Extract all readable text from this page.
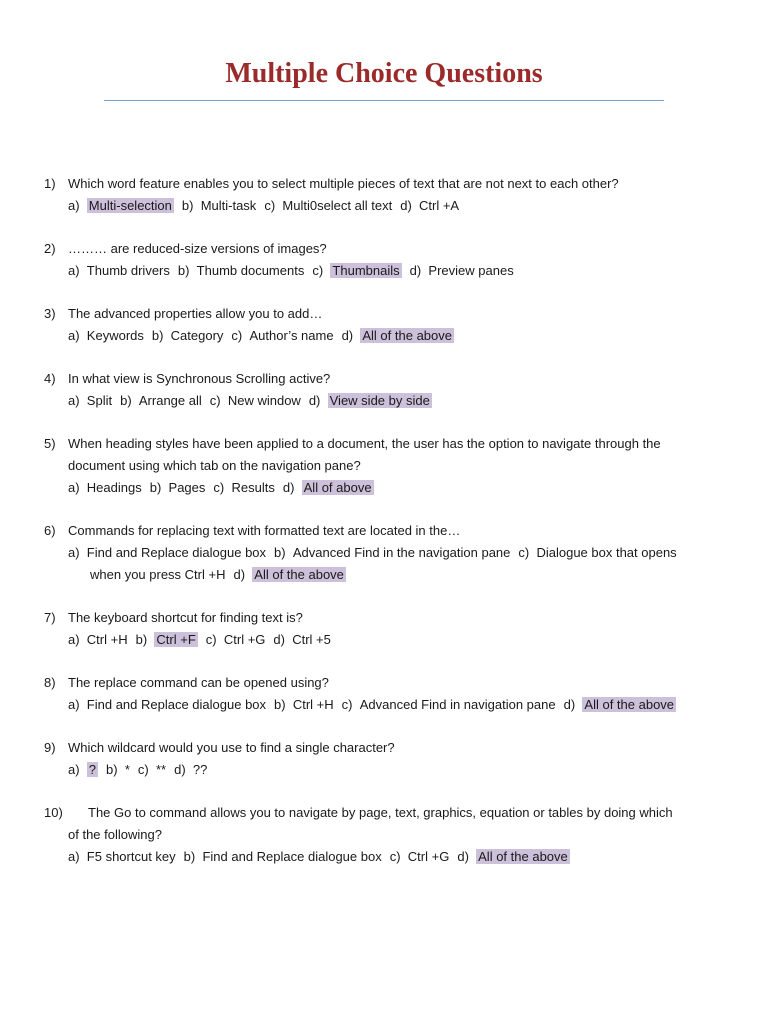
Multiple Choice Questions
1) Which word feature enables you to select multiple pieces of text that are not next to each other?
a) Multi-selection b) Multi-task c) Multi0select all text d) Ctrl +A
2) ……… are reduced-size versions of images?
a) Thumb drivers b) Thumb documents c) Thumbnails d) Preview panes
3) The advanced properties allow you to add…
a) Keywords b) Category c) Author’s name d) All of the above
4) In what view is Synchronous Scrolling active?
a) Split b) Arrange all c) New window d) View side by side
5) When heading styles have been applied to a document, the user has the option to navigate through the
document using which tab on the navigation pane?
a) Headings b) Pages c) Results d) All of above
6) Commands for replacing text with formatted text are located in the…
a) Find and Replace dialogue box b) Advanced Find in the navigation pane c) Dialogue box that opens
when you press Ctrl +H d) All of the above
7) The keyboard shortcut for finding text is?
a) Ctrl +H b) Ctrl +F c) Ctrl +G d) Ctrl +5
8) The replace command can be opened using?
a) Find and Replace dialogue box b) Ctrl +H c) Advanced Find in navigation pane d) All of the above
9) Which wildcard would you use to find a single character?
a) ? b) * c) ** d) ??
10) The Go to command allows you to navigate by page, text, graphics, equation or tables by doing which
of the following?
a) F5 shortcut key b) Find and Replace dialogue box c) Ctrl +G d) All of the above
